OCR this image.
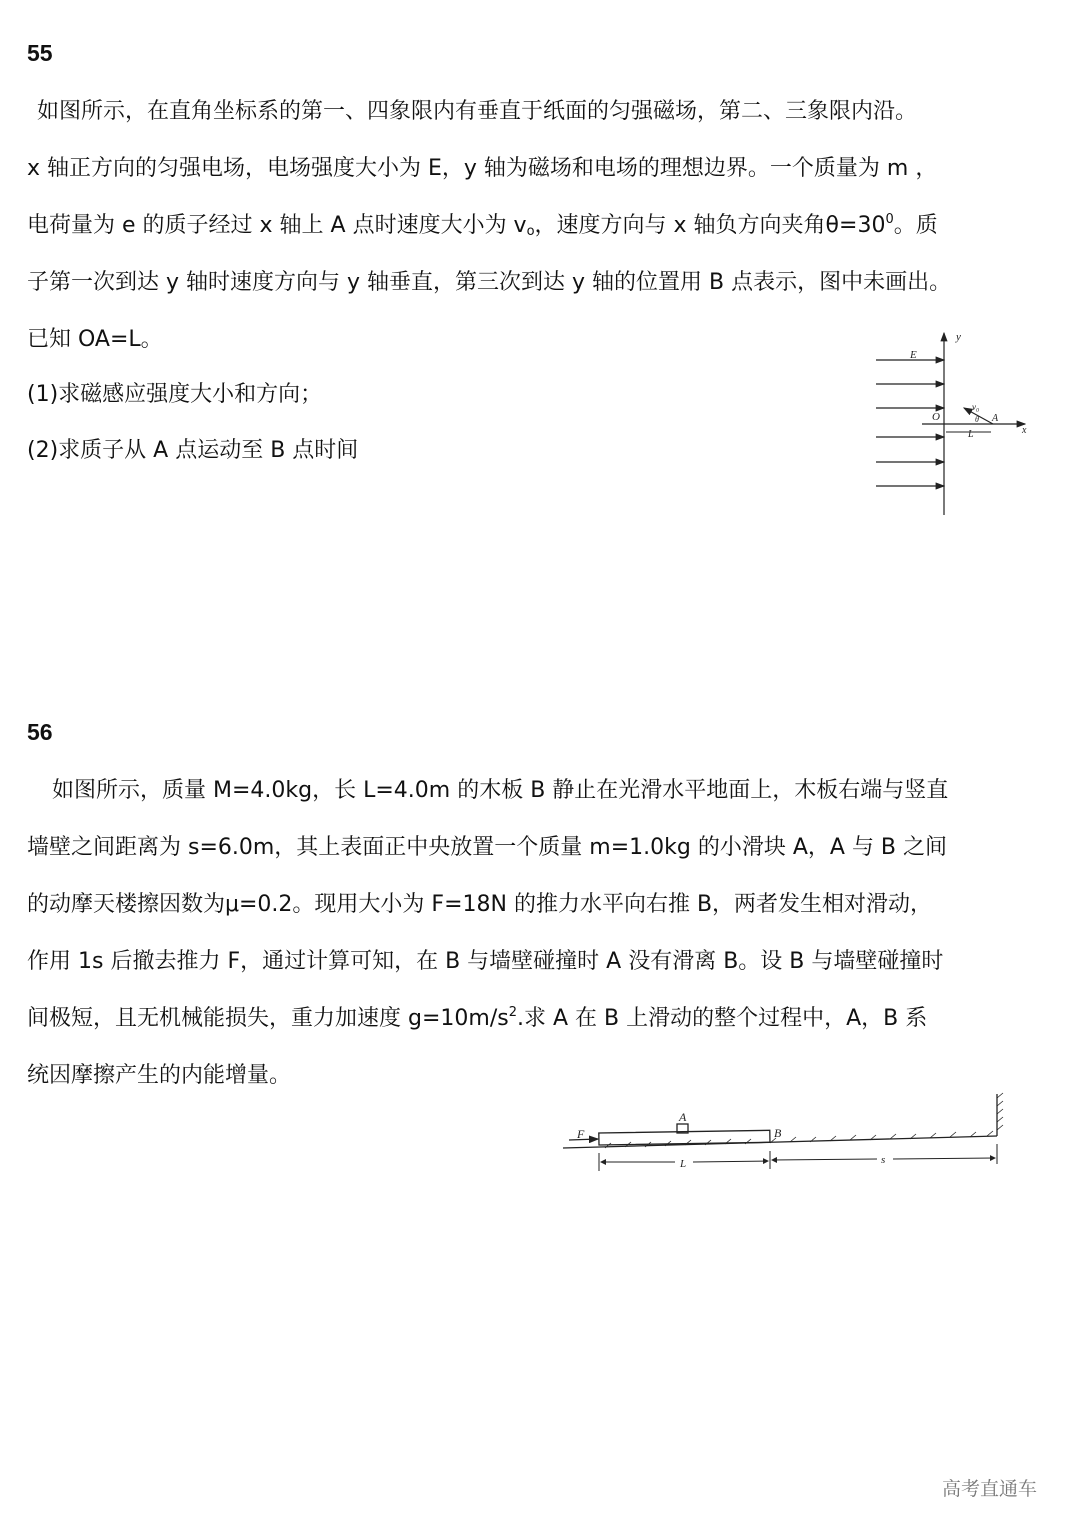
55
如图所示，在直角坐标系的第一、四象限内有垂直于纸面的匀强磁场，第二、三象限内沿。
x 轴正方向的匀强电场，电场强度大小为 E，y 轴为磁场和电场的理想边界。一个质量为 m ，
电荷量为 e 的质子经过 x 轴上 A 点时速度大小为 $v_o$，速度方向与 x 轴负方向夹角$\theta=30^0$。质
子第一次到达 y 轴时速度方向与 y 轴垂直，第三次到达 y 轴的位置用 B 点表示，图中未画出。
已知 OA=L。
(1)求磁感应强度大小和方向；
(2)求质子从 A 点运动至 B 点时间
y
x
E
O	A
L
v₀
θ
56
如图所示，质量 M=4.0kg，长 L=4.0m 的木板 B 静止在光滑水平地面上，木板右端与竖直
墙壁之间距离为 s=6.0m，其上表面正中央放置一个质量 m=1.0kg 的小滑块 A，A 与 B 之间
的动摩天楼擦因数为μ=0.2。现用大小为 F=18N 的推力水平向右推 B，两者发生相对滑动，
作用 1s 后撤去推力 F，通过计算可知，在 B 与墙壁碰撞时 A 没有滑离 B。设 B 与墙壁碰撞时
间极短，且无机械能损失，重力加速度 $g=10m/s^2$.求 A 在 B 上滑动的整个过程中，A，B 系
统因摩擦产生的内能增量。
F
A
B
L	s
高考直通车
